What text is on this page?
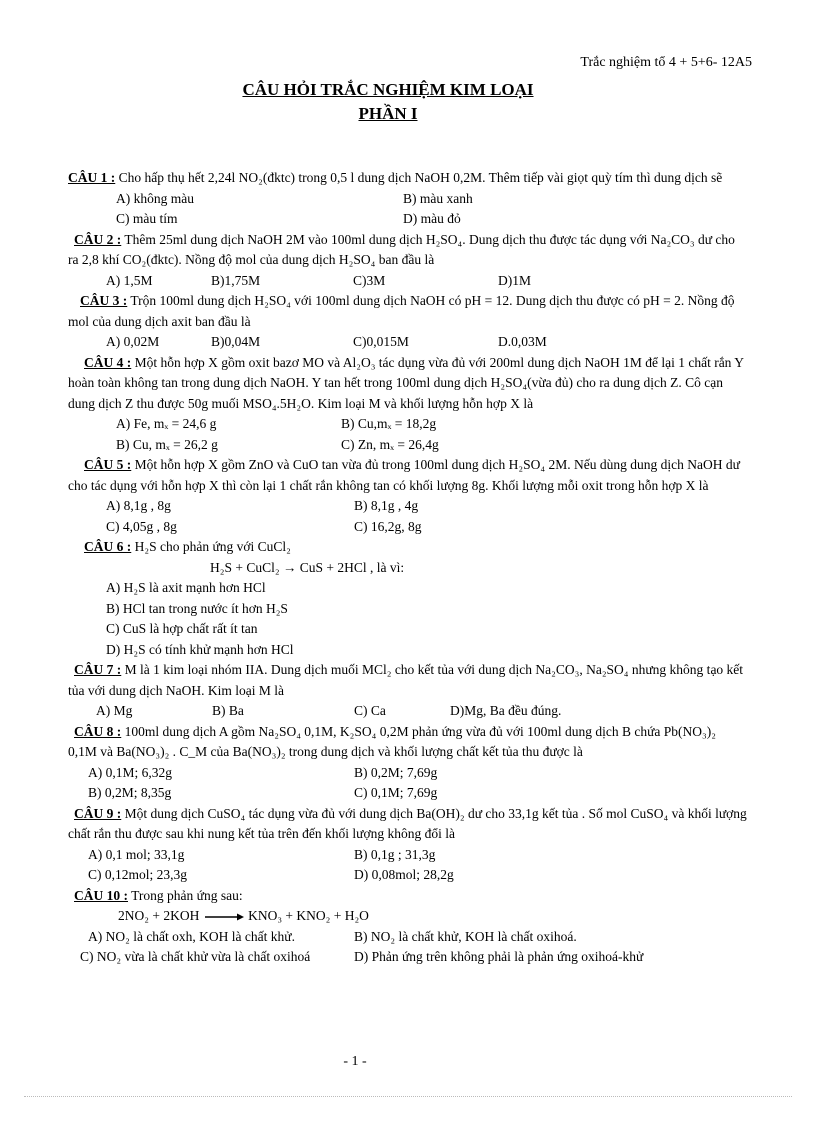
Trắc nghiệm tổ 4 + 5+6- 12A5
CÂU HỎI TRẮC NGHIỆM KIM LOẠI
PHẦN I

CÂU 1 : Cho hấp thụ hết 2,24l NO₂(đktc) trong 0,5 l dung dịch NaOH 0,2M. Thêm tiếp vài giọt quỳ tím thì dung dịch sẽ

A) không màu	B) màu xanh
C) màu tím	D) màu đỏ

CÂU 2 : Thêm 25ml dung dịch NaOH 2M vào 100ml dung dịch H₂SO₄. Dung dịch thu được tác dụng với Na₂CO₃ dư cho ra 2,8 khí CO₂(đktc). Nồng độ mol của dung dịch H₂SO₄ ban đầu là

A) 1,5M	B)1,75M	C)3M	D)1M

CÂU 3 : Trộn 100ml dung dịch H₂SO₄ với 100ml dung dịch NaOH có pH = 12. Dung dịch thu được có pH = 2. Nồng độ mol của dung dịch axit ban đầu là

A) 0,02M	B)0,04M	C)0,015M	D.0,03M

CÂU 4 : Một hỗn hợp X gồm oxit bazơ MO và Al₂O₃ tác dụng vừa đủ với 200ml dung dịch NaOH 1M để lại 1 chất rắn Y hoàn toàn không tan trong dung dịch NaOH. Y tan hết trong 100ml dung dịch H₂SO₄(vừa đủ) cho ra dung dịch Z. Cô cạn dung dịch Z thu được 50g muối MSO₄.5H₂O. Kim loại M và khối lượng hỗn hợp X là

A) Fe, mₓ = 24,6 g	B) Cu,mₓ = 18,2g
B) Cu, mₓ = 26,2 g	C) Zn, mₓ = 26,4g

CÂU 5 : Một hỗn hợp X gồm ZnO và CuO tan vừa đủ trong 100ml dung dịch H₂SO₄ 2M. Nếu dùng dung dịch NaOH dư cho tác dụng với hỗn hợp X thì còn lại 1 chất rắn không tan có khối lượng 8g. Khối lượng mỗi oxit trong hỗn hợp X là

A) 8,1g , 8g	B) 8,1g , 4g
C) 4,05g , 8g	C) 16,2g, 8g

CÂU 6 : H₂S cho phản ứng với CuCl₂

H₂S + CuCl₂ → CuS + 2HCl , là vì:
A) H₂S là axit mạnh hơn HCl
B) HCl tan trong nước ít hơn H₂S
C) CuS là hợp chất rất ít tan
D) H₂S có tính khử mạnh hơn HCl

CÂU 7 : M là 1 kim loại nhóm IIA. Dung dịch muối MCl₂ cho kết tủa với dung dịch Na₂CO₃, Na₂SO₄ nhưng không tạo kết tủa với dung dịch NaOH. Kim loại M là

A) Mg	B) Ba	C) Ca	D)Mg, Ba đều đúng.

CÂU 8 : 100ml dung dịch A gồm Na₂SO₄ 0,1M, K₂SO₄ 0,2M phản ứng vừa đủ với 100ml dung dịch B chứa Pb(NO₃)₂ 0,1M và Ba(NO₃)₂ . C_M của Ba(NO₃)₂ trong dung dịch và khối lượng chất kết tủa thu được là

A) 0,1M; 6,32g	B) 0,2M; 7,69g
B) 0,2M; 8,35g	C) 0,1M; 7,69g

CÂU 9 : Một dung dịch CuSO₄ tác dụng vừa đủ với dung dịch Ba(OH)₂ dư cho 33,1g kết tủa . Số mol CuSO₄ và khối lượng chất rắn thu được sau khi nung kết tủa trên đến khối lượng không đổi là

A) 0,1 mol; 33,1g	B) 0,1g ; 31,3g
C) 0,12mol; 23,3g	D) 0,08mol; 28,2g

CÂU 10 : Trong phản ứng sau:

2NO₂ + 2KOH → KNO₃ + KNO₂ + H₂O
A) NO₂ là chất oxh, KOH là chất khử.	B) NO₂ là chất khử, KOH là chất oxihoá.
C) NO₂ vừa là chất khử vừa là chất oxihoá	D) Phản ứng trên không phải là phản ứng oxihoá-khử
- 1 -
